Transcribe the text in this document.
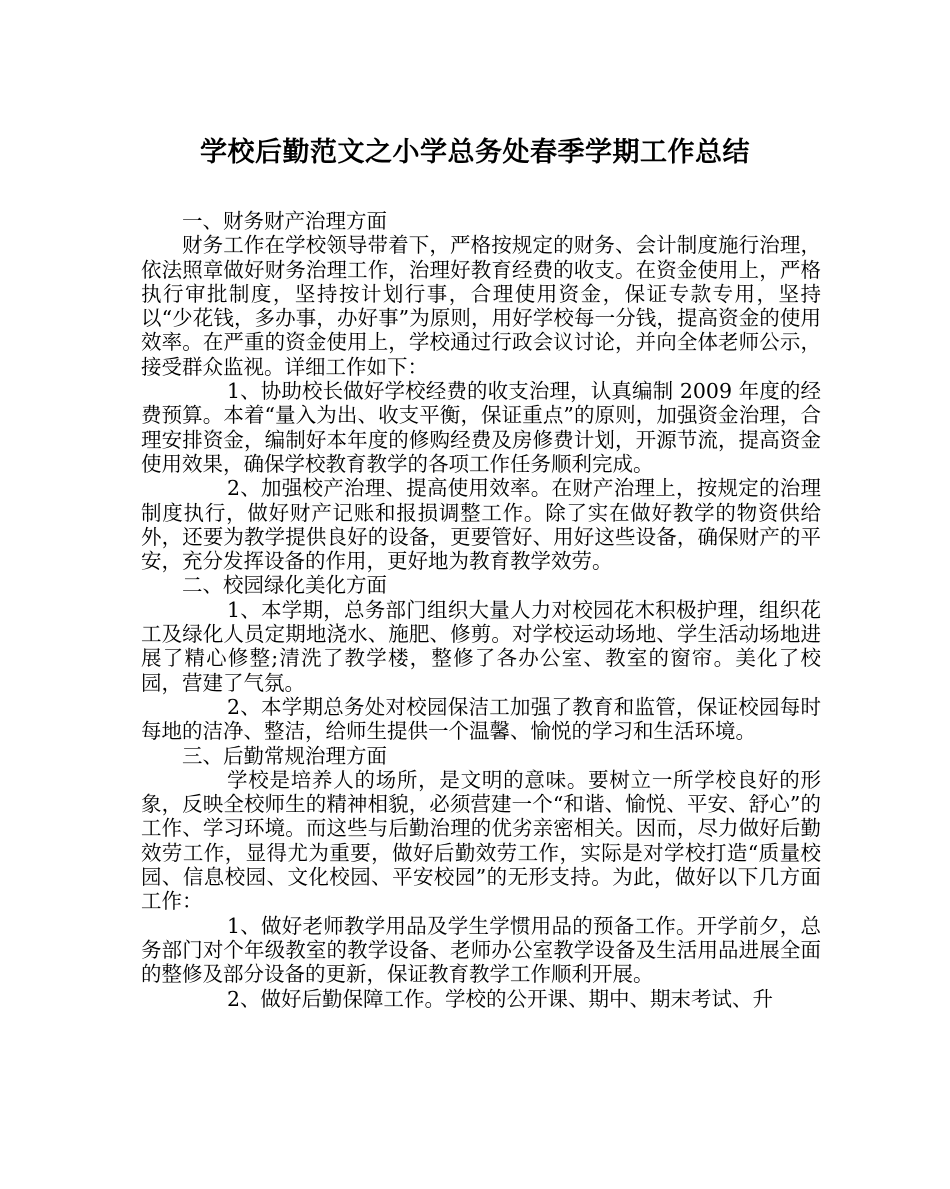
学校后勤范文之小学总务处春季学期工作总结

一、财务财产治理方面

财务工作在学校领导带着下，严格按规定的财务、会计制度施行治理，依法照章做好财务治理工作，治理好教育经费的收支。在资金使用上，严格执行审批制度，坚持按计划行事，合理使用资金，保证专款专用，坚持以“少花钱，多办事，办好事”为原则，用好学校每一分钱，提高资金的使用效率。在严重的资金使用上，学校通过行政会议讨论，并向全体老师公示，接受群众监视。详细工作如下：

1、协助校长做好学校经费的收支治理，认真编制 2009 年度的经费预算。本着“量入为出、收支平衡，保证重点”的原则，加强资金治理，合理安排资金，编制好本年度的修购经费及房修费计划，开源节流，提高资金使用效果，确保学校教育教学的各项工作任务顺利完成。

2、加强校产治理、提高使用效率。在财产治理上，按规定的治理制度执行，做好财产记账和报损调整工作。除了实在做好教学的物资供给外，还要为教学提供良好的设备，更要管好、用好这些设备，确保财产的平安，充分发挥设备的作用，更好地为教育教学效劳。

二、校园绿化美化方面

1、本学期，总务部门组织大量人力对校园花木积极护理，组织花工及绿化人员定期地浇水、施肥、修剪。对学校运动场地、学生活动场地进展了精心修整;清洗了教学楼，整修了各办公室、教室的窗帘。美化了校园，营建了气氛。

2、本学期总务处对校园保洁工加强了教育和监管，保证校园每时每地的洁净、整洁，给师生提供一个温馨、愉悦的学习和生活环境。

三、后勤常规治理方面

学校是培养人的场所，是文明的意味。要树立一所学校良好的形象，反映全校师生的精神相貌，必须营建一个“和谐、愉悦、平安、舒心”的工作、学习环境。而这些与后勤治理的优劣亲密相关。因而，尽力做好后勤效劳工作，显得尤为重要，做好后勤效劳工作，实际是对学校打造“质量校园、信息校园、文化校园、平安校园”的无形支持。为此，做好以下几方面工作：

1、做好老师教学用品及学生学惯用品的预备工作。开学前夕，总务部门对个年级教室的教学设备、老师办公室教学设备及生活用品进展全面的整修及部分设备的更新，保证教育教学工作顺利开展。

2、做好后勤保障工作。学校的公开课、期中、期末考试、升
